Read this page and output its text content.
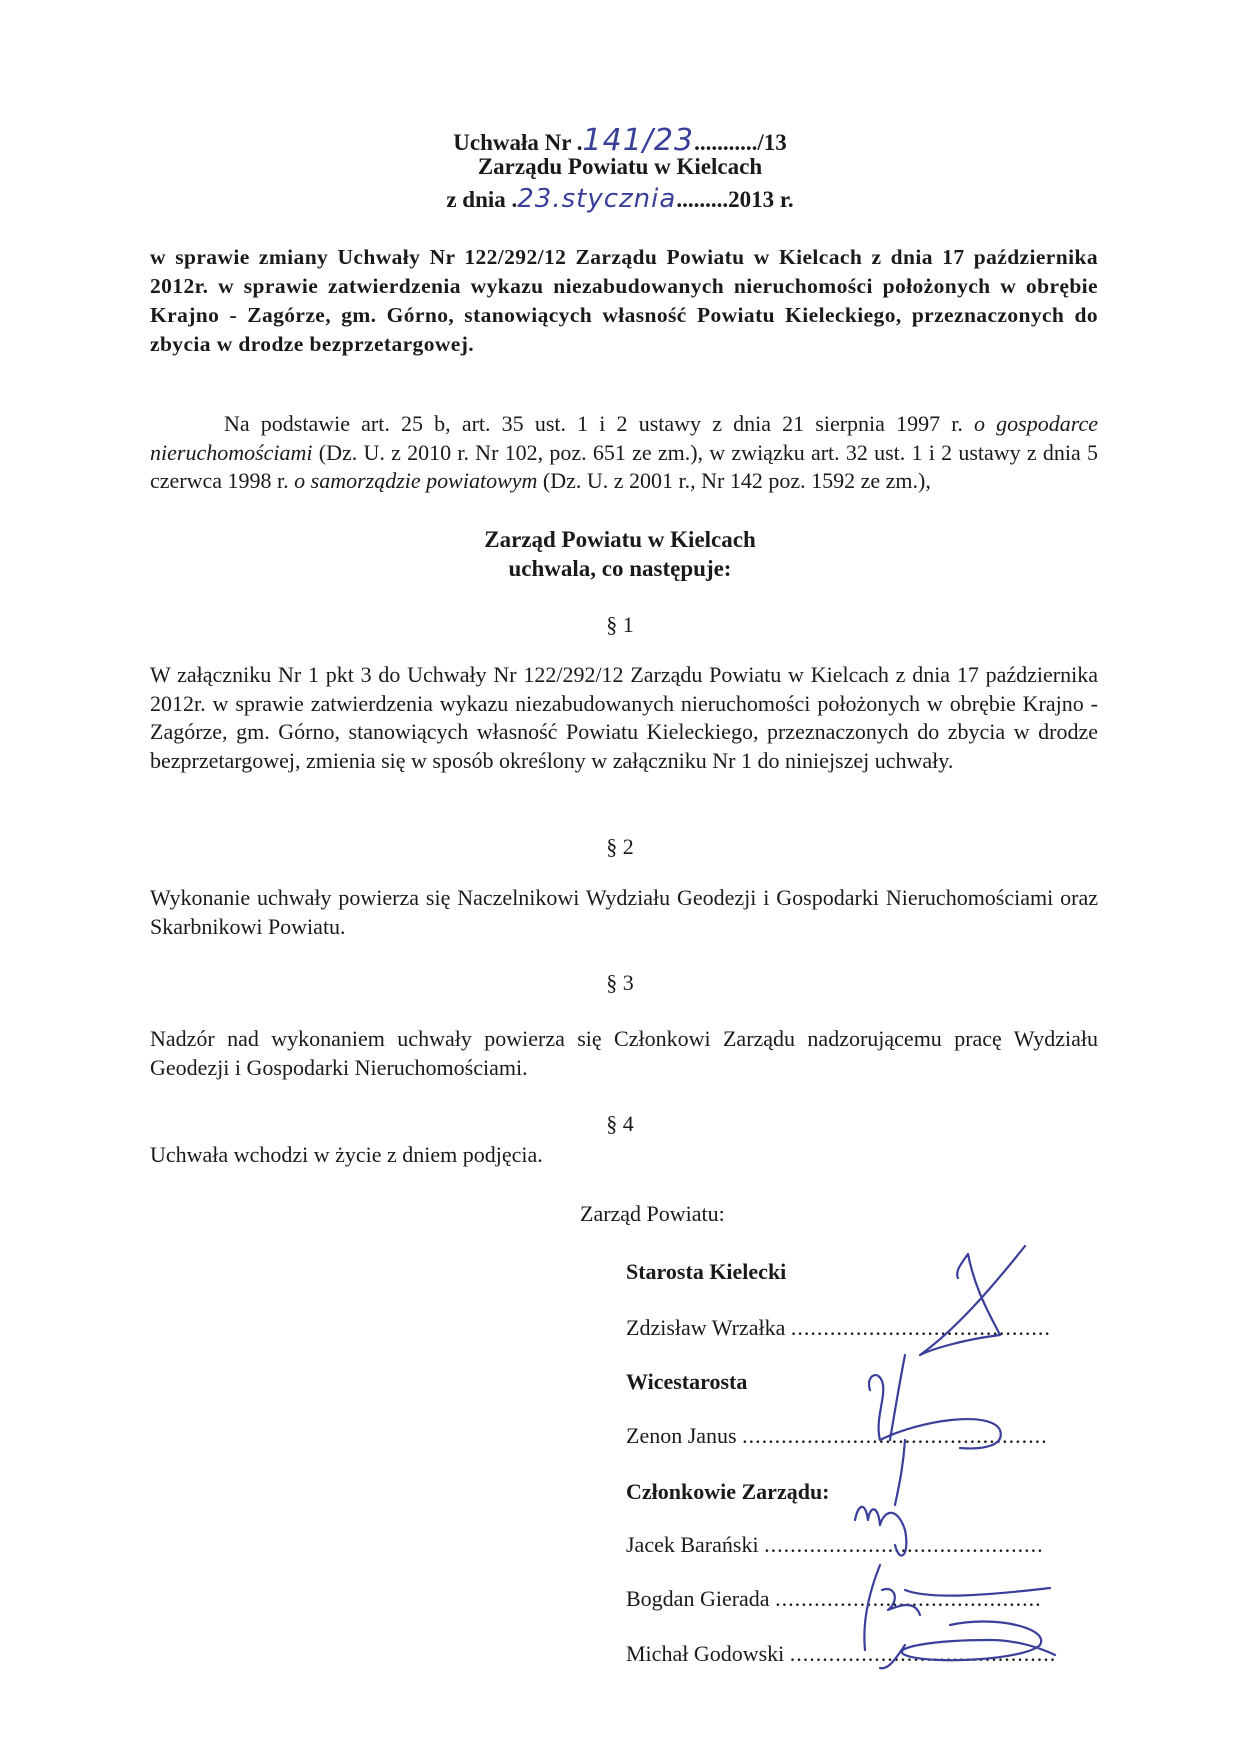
Uchwała Nr .141/23.........../13
Zarządu Powiatu w Kielcach
z dnia .23.stycznia.........2013 r.
w sprawie zmiany Uchwały Nr 122/292/12 Zarządu Powiatu w Kielcach z dnia 17 października 2012r. w sprawie zatwierdzenia wykazu niezabudowanych nieruchomości położonych w obrębie Krajno - Zagórze, gm. Górno, stanowiących własność Powiatu Kieleckiego, przeznaczonych do zbycia w drodze bezprzetargowej.
Na podstawie art. 25 b, art. 35 ust. 1 i 2 ustawy z dnia 21 sierpnia 1997 r. o gospodarce nieruchomościami (Dz. U. z 2010 r. Nr 102, poz. 651 ze zm.), w związku art. 32 ust. 1 i 2 ustawy z dnia 5 czerwca 1998 r. o samorządzie powiatowym (Dz. U. z 2001 r., Nr 142 poz. 1592 ze zm.),
Zarząd Powiatu w Kielcach
uchwala, co następuje:
§ 1
W załączniku Nr 1 pkt 3 do Uchwały Nr 122/292/12 Zarządu Powiatu w Kielcach z dnia 17 października 2012r. w sprawie zatwierdzenia wykazu niezabudowanych nieruchomości położonych w obrębie Krajno - Zagórze, gm. Górno, stanowiących własność Powiatu Kieleckiego, przeznaczonych do zbycia w drodze bezprzetargowej, zmienia się w sposób określony w załączniku Nr 1 do niniejszej uchwały.
§ 2
Wykonanie uchwały powierza się Naczelnikowi Wydziału Geodezji i Gospodarki Nieruchomościami oraz Skarbnikowi Powiatu.
§ 3
Nadzór nad wykonaniem uchwały powierza się Członkowi Zarządu nadzorującemu pracę Wydziału Geodezji i Gospodarki Nieruchomościami.
§ 4
Uchwała wchodzi w życie z dniem podjęcia.
Zarząd Powiatu:
Starosta Kielecki
Zdzisław Wrzałka ........................................
Wicestarosta
Zenon Janus ...............................................
Członkowie Zarządu:
Jacek Barański ...........................................
Bogdan Gierada .........................................
Michał Godowski .........................................
